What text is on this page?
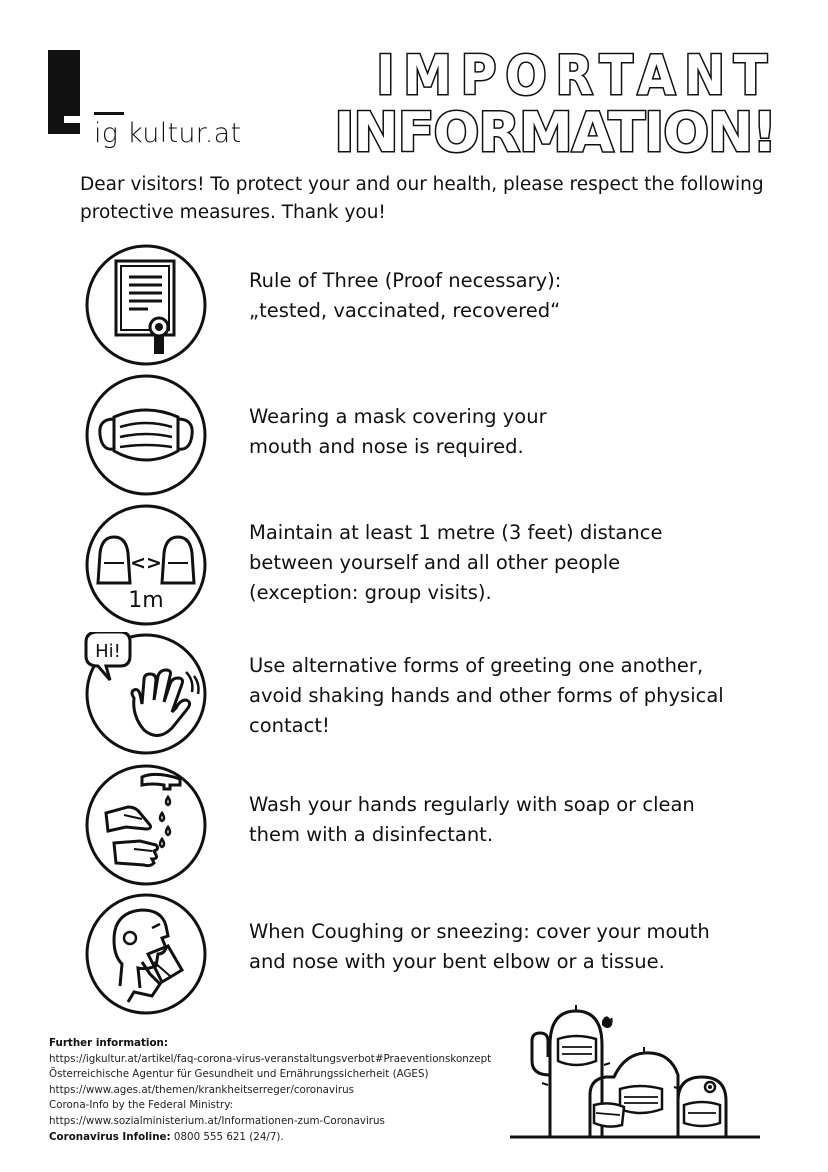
ig kultur.at
IMPORTANT
INFORMATION!
Dear visitors! To protect your and our health, please respect the following protective measures. Thank you!
Rule of Three (Proof necessary):
„tested, vaccinated, recovered“
Wearing a mask covering your
mouth and nose is required.
<>
1m
Maintain at least 1 metre (3 feet) distance
between yourself and all other people
(exception: group visits).
Hi!
Use alternative forms of greeting one another,
avoid shaking hands and other forms of physical
contact!
Wash your hands regularly with soap or clean
them with a disinfectant.
When Coughing or sneezing: cover your mouth
and nose with your bent elbow or a tissue.
Further information:
https://igkultur.at/artikel/faq-corona-virus-veranstaltungsverbot#Praeventionskonzept
Österreichische Agentur für Gesundheit und Ernährungssicherheit (AGES)
https://www.ages.at/themen/krankheitserreger/coronavirus
Corona-Info by the Federal Ministry:
https://www.sozialministerium.at/Informationen-zum-Coronavirus
Coronavirus Infoline: 0800 555 621 (24/7).
